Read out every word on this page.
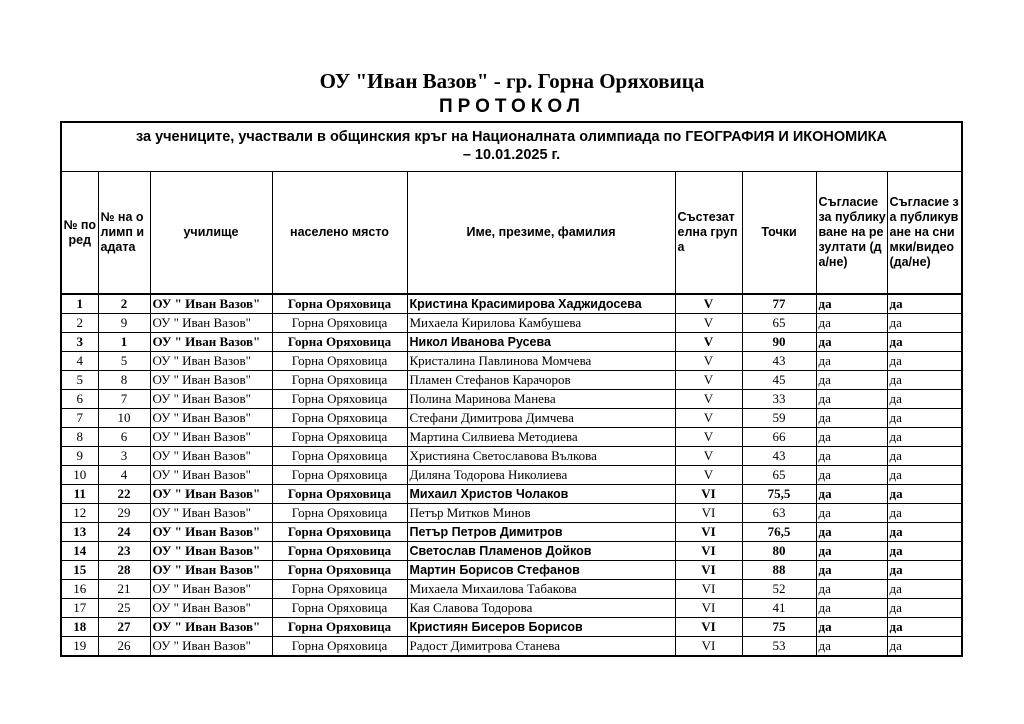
ОУ "Иван Вазов" - гр. Горна Оряховица
ПРОТОКОЛ
за учениците, участвали в общинския кръг на Националната олимпиада по ГЕОГРАФИЯ И ИКОНОМИКА
– 10.01.2025 г.
№ по ред	№ на олимп иадата	училище	населено място	Име, презиме, фамилия	Състезат елна група	Точки	Съгласие за публикуване на резултати (да/не)	Съгласие за публикуване на снимки/видео (да/не)
1	2	ОУ " Иван Вазов"	Горна Оряховица	Кристина Красимирова Хаджидосева	V	77	да	да
2	9	ОУ " Иван Вазов"	Горна Оряховица	Михаела Кирилова Камбушева	V	65	да	да
3	1	ОУ " Иван Вазов"	Горна Оряховица	Никол Иванова Русева	V	90	да	да
4	5	ОУ " Иван Вазов"	Горна Оряховица	Кристалина Павлинова Момчева	V	43	да	да
5	8	ОУ " Иван Вазов"	Горна Оряховица	Пламен Стефанов Карачоров	V	45	да	да
6	7	ОУ " Иван Вазов"	Горна Оряховица	Полина Маринова Манева	V	33	да	да
7	10	ОУ " Иван Вазов"	Горна Оряховица	Стефани Димитрова Димчева	V	59	да	да
8	6	ОУ " Иван Вазов"	Горна Оряховица	Мартина Силвиева Методиева	V	66	да	да
9	3	ОУ " Иван Вазов"	Горна Оряховица	Християна Светославова Вълкова	V	43	да	да
10	4	ОУ " Иван Вазов"	Горна Оряховица	Диляна Тодорова Николиева	V	65	да	да
11	22	ОУ " Иван Вазов"	Горна Оряховица	Михаил Христов Чолаков	VI	75,5	да	да
12	29	ОУ " Иван Вазов"	Горна Оряховица	Петър Митков Минов	VI	63	да	да
13	24	ОУ " Иван Вазов"	Горна Оряховица	Петър Петров Димитров	VI	76,5	да	да
14	23	ОУ " Иван Вазов"	Горна Оряховица	Светослав Пламенов Дойков	VI	80	да	да
15	28	ОУ " Иван Вазов"	Горна Оряховица	Мартин Борисов Стефанов	VI	88	да	да
16	21	ОУ " Иван Вазов"	Горна Оряховица	Михаела Михаилова Табакова	VI	52	да	да
17	25	ОУ " Иван Вазов"	Горна Оряховица	Кая Славова Тодорова	VI	41	да	да
18	27	ОУ " Иван Вазов"	Горна Оряховица	Кристиян Бисеров Борисов	VI	75	да	да
19	26	ОУ " Иван Вазов"	Горна Оряховица	Радост Димитрова Станева	VI	53	да	да
